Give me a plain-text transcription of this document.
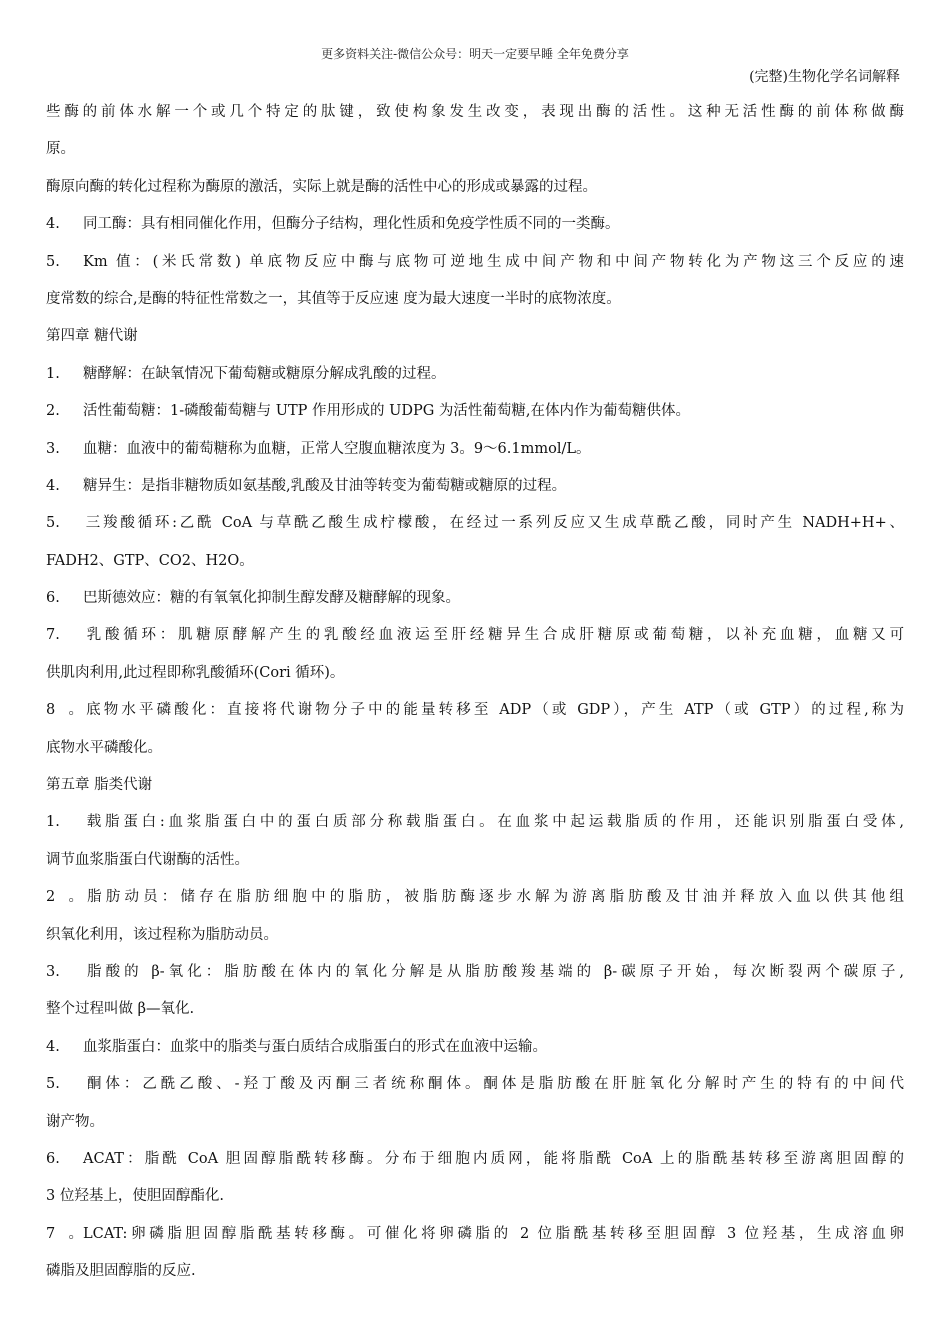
更多资料关注-微信公众号：明天一定要早睡 全年免费分享
(完整)生物化学名词解释
些酶的前体水解一个或几个特定的肽键，致使构象发生改变，表现出酶的活性。这种无活性酶的前体称做酶
原。
酶原向酶的转化过程称为酶原的激活，实际上就是酶的活性中心的形成或暴露的过程。
4. 同工酶：具有相同催化作用，但酶分子结构，理化性质和免疫学性质不同的一类酶。
5. Km 值：(米氏常数) 单底物反应中酶与底物可逆地生成中间产物和中间产物转化为产物这三个反应的速
度常数的综合,是酶的特征性常数之一，其值等于反应速 度为最大速度一半时的底物浓度。
第四章 糖代谢
1. 糖酵解：在缺氧情况下葡萄糖或糖原分解成乳酸的过程。
2. 活性葡萄糖：1-磷酸葡萄糖与 UTP 作用形成的 UDPG 为活性葡萄糖,在体内作为葡萄糖供体。
3. 血糖：血液中的葡萄糖称为血糖，正常人空腹血糖浓度为 3。9～6.1mmol/L。
4. 糖异生：是指非糖物质如氨基酸,乳酸及甘油等转变为葡萄糖或糖原的过程。
5. 三羧酸循环:乙酰 CoA 与草酰乙酸生成柠檬酸，在经过一系列反应又生成草酰乙酸，同时产生 NADH+H+、
FADH2、GTP、CO2、H2O。
6. 巴斯德效应：糖的有氧氧化抑制生醇发酵及糖酵解的现象。
7. 乳酸循环：肌糖原酵解产生的乳酸经血液运至肝经糖异生合成肝糖原或葡萄糖，以补充血糖，血糖又可
供肌肉利用,此过程即称乳酸循环(Cori 循环)。
8。底物水平磷酸化：直接将代谢物分子中的能量转移至 ADP（或 GDP），产生 ATP（或 GTP）的过程,称为
底物水平磷酸化。
第五章 脂类代谢
1. 载脂蛋白:血浆脂蛋白中的蛋白质部分称载脂蛋白。在血浆中起运载脂质的作用，还能识别脂蛋白受体,
调节血浆脂蛋白代谢酶的活性。
2。脂肪动员：储存在脂肪细胞中的脂肪，被脂肪酶逐步水解为游离脂肪酸及甘油并释放入血以供其他组
织氧化利用，该过程称为脂肪动员。
3. 脂酸的 β-氧化：脂肪酸在体内的氧化分解是从脂肪酸羧基端的 β-碳原子开始，每次断裂两个碳原子,
整个过程叫做 β—氧化.
4. 血浆脂蛋白：血浆中的脂类与蛋白质结合成脂蛋白的形式在血液中运输。
5. 酮体：乙酰乙酸、-羟丁酸及丙酮三者统称酮体。酮体是脂肪酸在肝脏氧化分解时产生的特有的中间代
谢产物。
6. ACAT：脂酰 CoA 胆固醇脂酰转移酶。分布于细胞内质网，能将脂酰 CoA 上的脂酰基转移至游离胆固醇的
3 位羟基上，使胆固醇酯化.
7。LCAT:卵磷脂胆固醇脂酰基转移酶。可催化将卵磷脂的 2 位脂酰基转移至胆固醇 3 位羟基，生成溶血卵
磷脂及胆固醇脂的反应.
